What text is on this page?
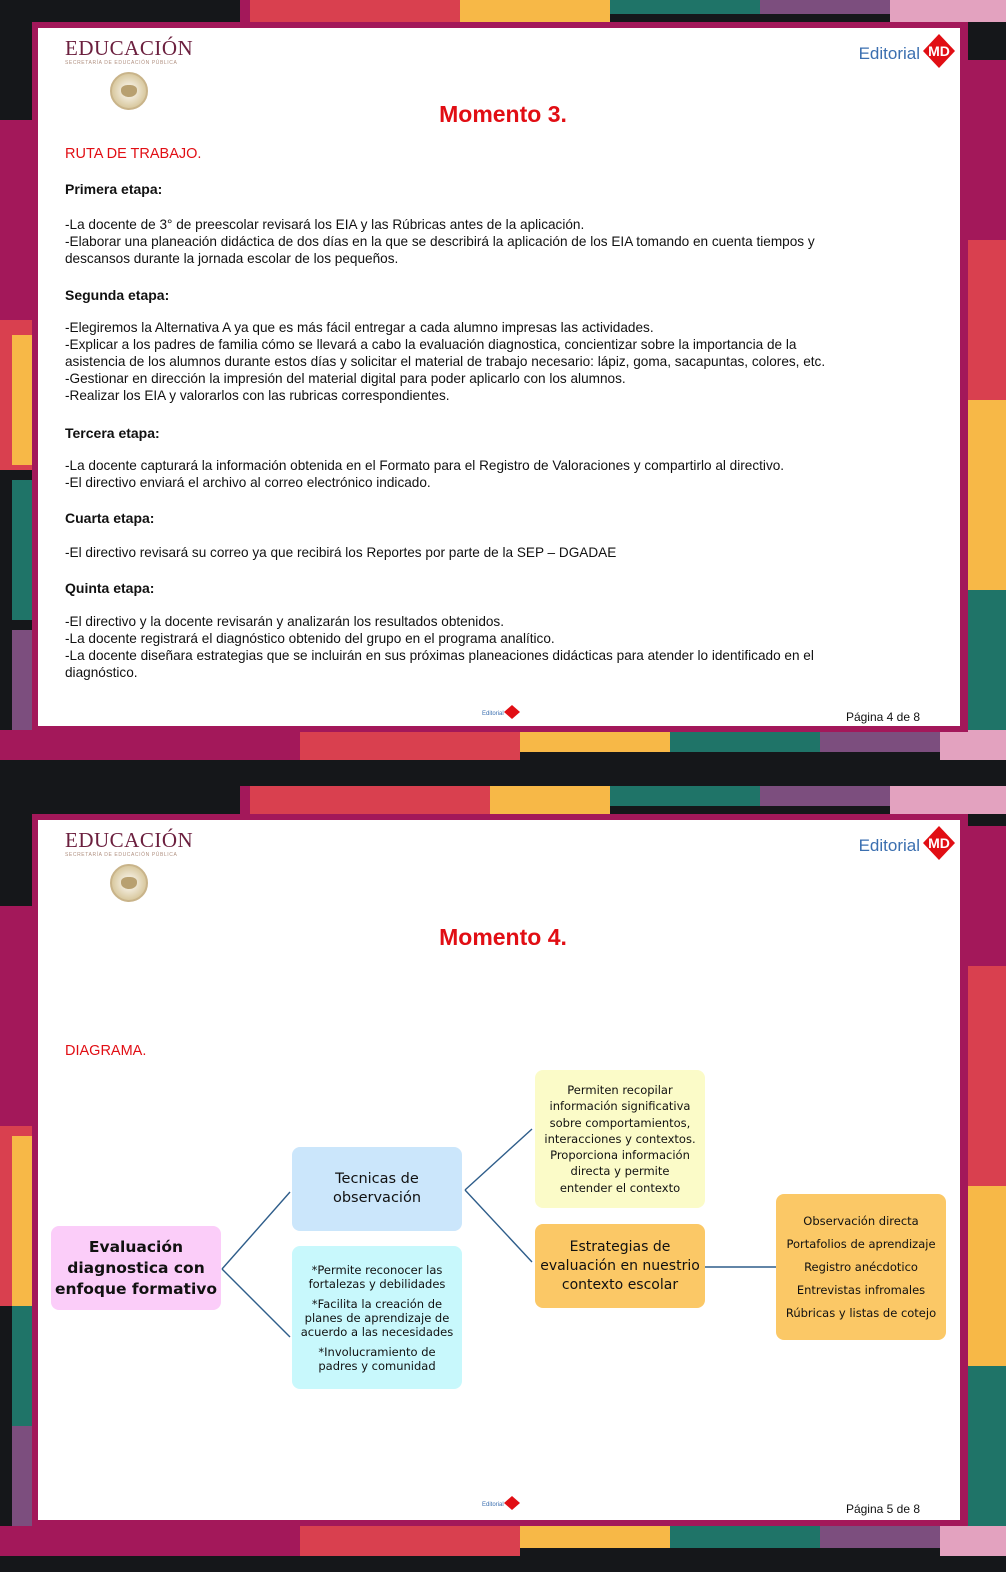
EDUCACIÓN
SECRETARÍA DE EDUCACIÓN PÚBLICA	Editorial MD
Momento 3.
RUTA DE TRABAJO.
Primera etapa:
-La docente de 3° de preescolar revisará los EIA y las Rúbricas antes de la aplicación.
-Elaborar una planeación didáctica de dos días en la que se describirá la aplicación de los EIA tomando en cuenta tiempos y
descansos durante la jornada escolar de los pequeños.
Segunda etapa:
-Elegiremos la Alternativa A ya que es más fácil entregar a cada alumno impresas las actividades.
-Explicar a los padres de familia cómo se llevará a cabo la evaluación diagnostica, concientizar sobre la importancia de la
asistencia de los alumnos durante estos días y solicitar el material de trabajo necesario: lápiz, goma, sacapuntas, colores, etc.
-Gestionar en dirección la impresión del material digital para poder aplicarlo con los alumnos.
-Realizar los EIA y valorarlos con las rubricas correspondientes.
Tercera etapa:
-La docente capturará la información obtenida en el Formato para el Registro de Valoraciones y compartirlo al directivo.
-El directivo enviará el archivo al correo electrónico indicado.
Cuarta etapa:
-El directivo revisará su correo ya que recibirá los Reportes por parte de la SEP – DGADAE
Quinta etapa:
-El directivo y la docente revisarán y analizarán los resultados obtenidos.
-La docente registrará el diagnóstico obtenido del grupo en el programa analítico.
-La docente diseñara estrategias que se incluirán en sus próximas planeaciones didácticas para atender lo identificado en el
diagnóstico.
Editorial	Página 4 de 8
EDUCACIÓN
SECRETARÍA DE EDUCACIÓN PÚBLICA	Editorial MD
Momento 4.
DIAGRAMA.
Evaluación
diagnostica con
enfoque formativo
Tecnicas de
observación
*Permite reconocer las
fortalezas y debilidades
*Facilita la creación de
planes de aprendizaje de
acuerdo a las necesidades
*Involucramiento de
padres y comunidad
Permiten recopilar
información significativa
sobre comportamientos,
interacciones y contextos.
Proporciona información
directa y permite
entender el contexto
Estrategias de
evaluación en nuestrio
contexto escolar
Observación directa
Portafolios de aprendizaje
Registro anécdotico
Entrevistas infromales
Rúbricas y listas de cotejo
Editorial	Página 5 de 8
